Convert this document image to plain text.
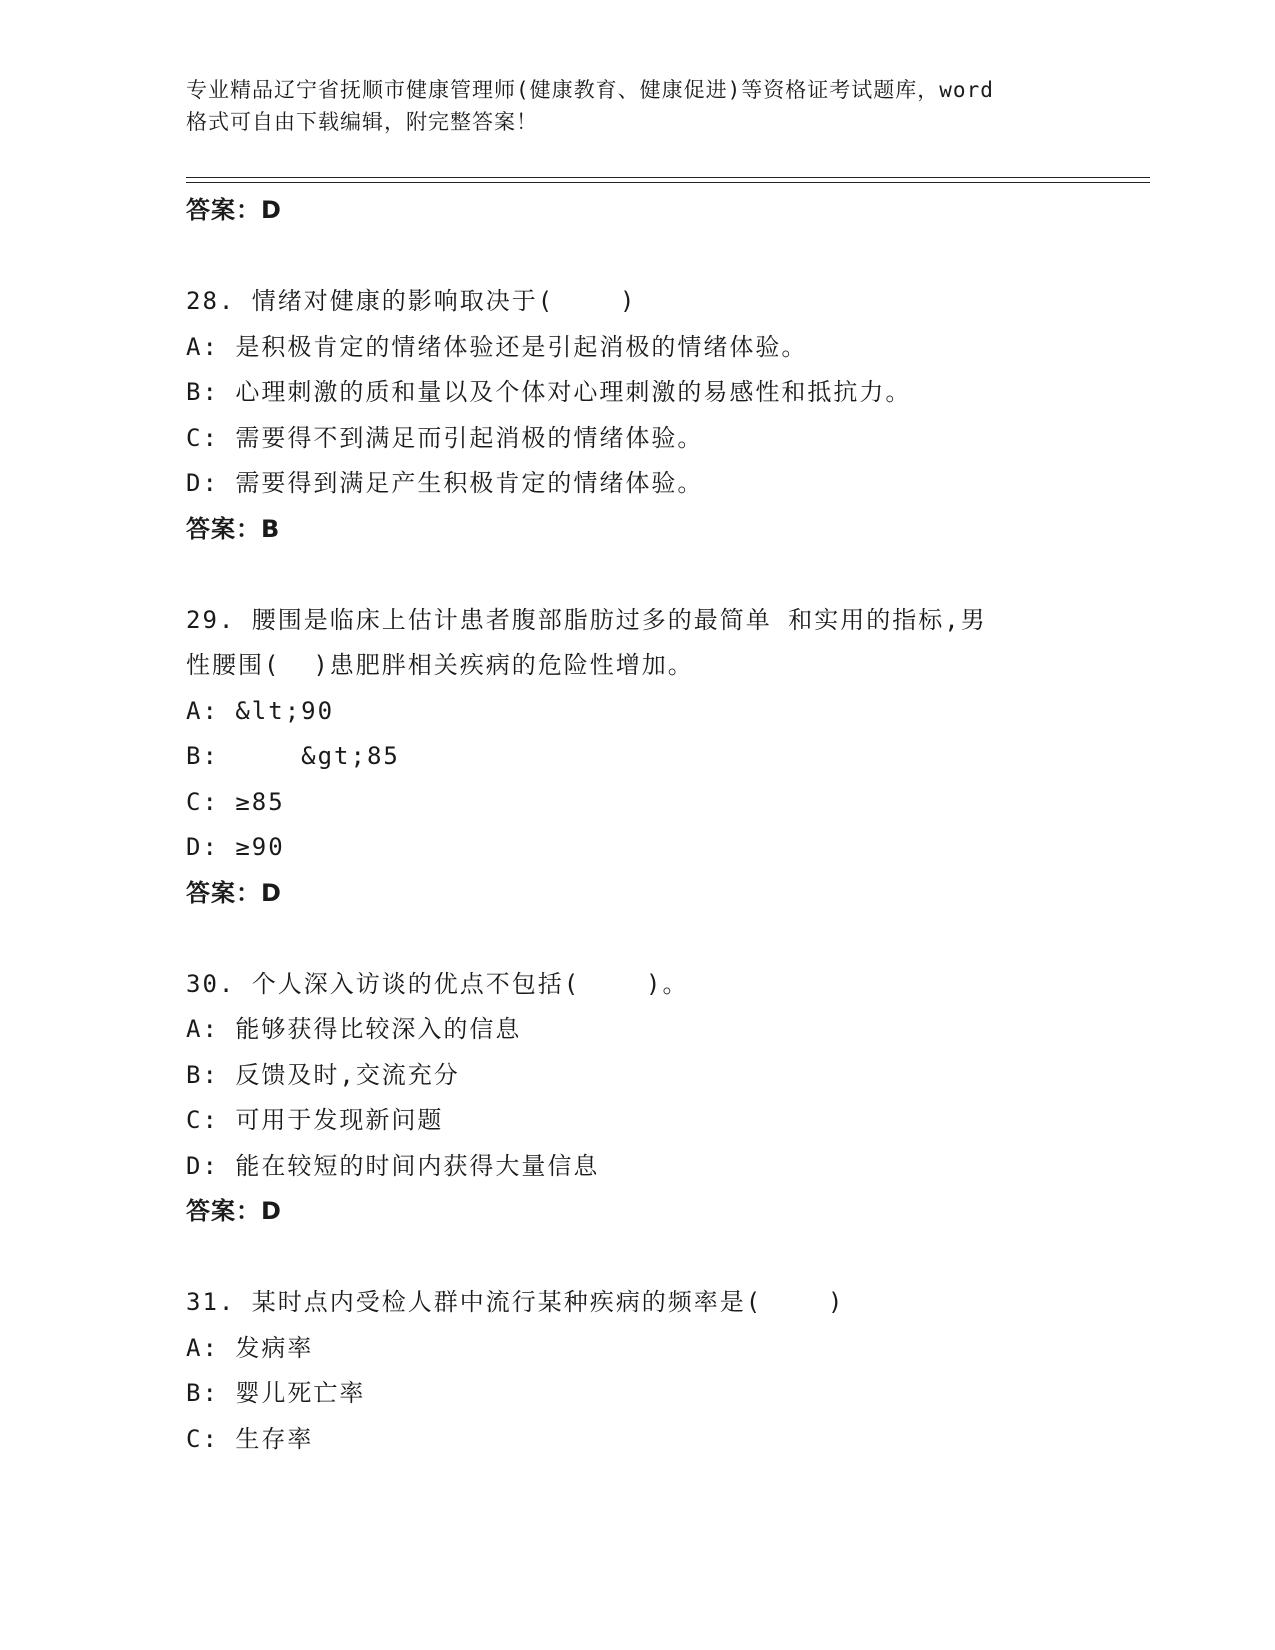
专业精品辽宁省抚顺市健康管理师(健康教育、健康促进)等资格证考试题库，word
格式可自由下载编辑，附完整答案！
答案：D
28. 情绪对健康的影响取决于(    )
A: 是积极肯定的情绪体验还是引起消极的情绪体验。
B: 心理刺激的质和量以及个体对心理刺激的易感性和抵抗力。
C: 需要得不到满足而引起消极的情绪体验。
D: 需要得到满足产生积极肯定的情绪体验。
答案：B
29. 腰围是临床上估计患者腹部脂肪过多的最简单 和实用的指标,男
性腰围(  )患肥胖相关疾病的危险性增加。
A: &lt;90
B:     &gt;85
C: ≥85
D: ≥90
答案：D
30. 个人深入访谈的优点不包括(    )。
A: 能够获得比较深入的信息
B: 反馈及时,交流充分
C: 可用于发现新问题
D: 能在较短的时间内获得大量信息
答案：D
31. 某时点内受检人群中流行某种疾病的频率是(    )
A: 发病率
B: 婴儿死亡率
C: 生存率
